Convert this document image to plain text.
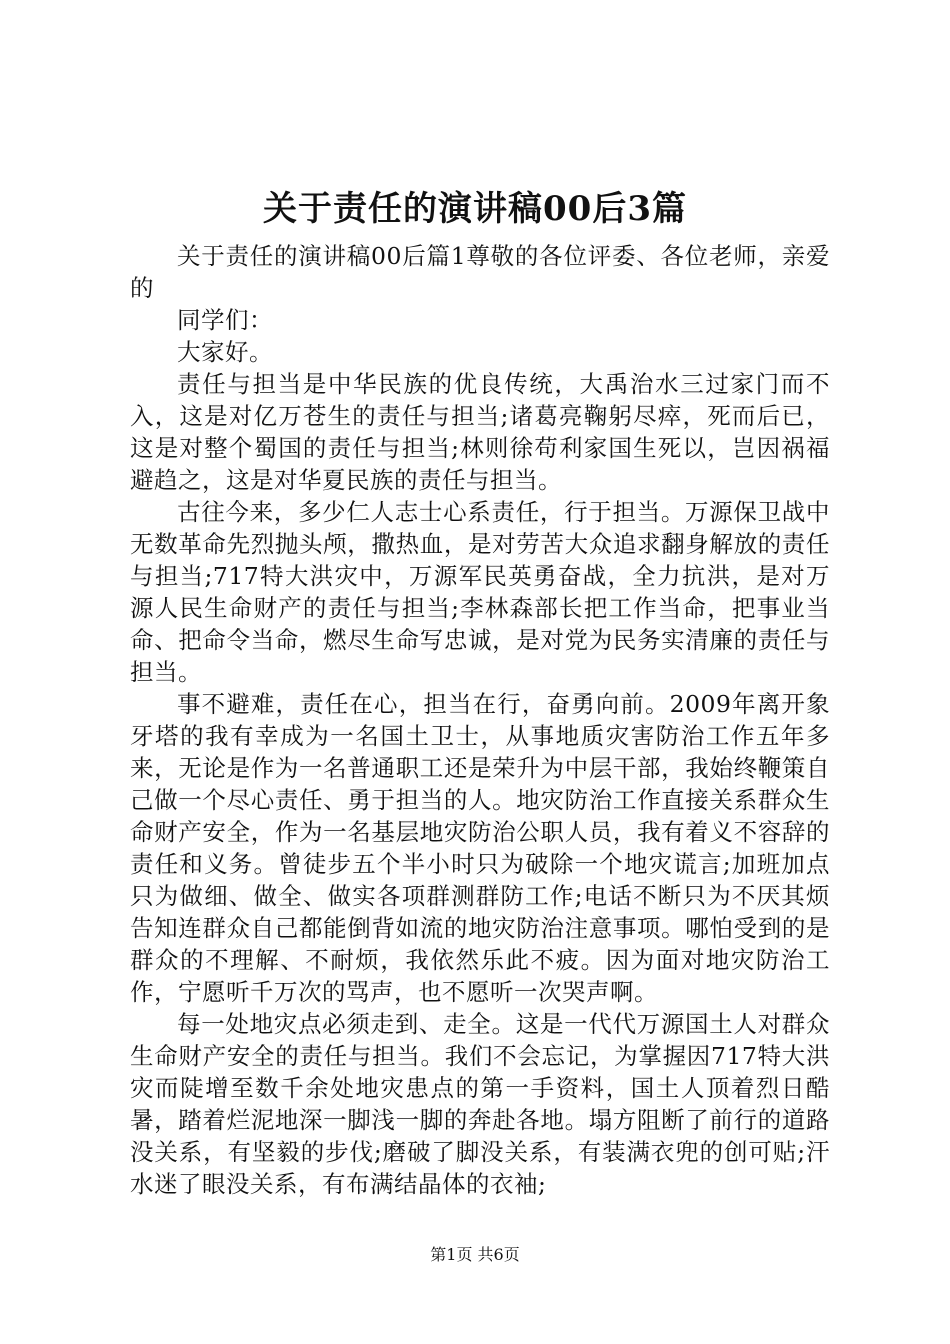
关于责任的演讲稿00后3篇

关于责任的演讲稿00后篇1尊敬的各位评委、各位老师，亲爱的

同学们：

大家好。

责任与担当是中华民族的优良传统，大禹治水三过家门而不入，这是对亿万苍生的责任与担当;诸葛亮鞠躬尽瘁，死而后已，这是对整个蜀国的责任与担当;林则徐苟利家国生死以，岂因祸福避趋之，这是对华夏民族的责任与担当。

古往今来，多少仁人志士心系责任，行于担当。万源保卫战中无数革命先烈抛头颅，撒热血，是对劳苦大众追求翻身解放的责任与担当;717特大洪灾中，万源军民英勇奋战，全力抗洪，是对万源人民生命财产的责任与担当;李林森部长把工作当命，把事业当命、把命令当命，燃尽生命写忠诚，是对党为民务实清廉的责任与担当。

事不避难，责任在心，担当在行，奋勇向前。2009年离开象牙塔的我有幸成为一名国土卫士，从事地质灾害防治工作五年多来，无论是作为一名普通职工还是荣升为中层干部，我始终鞭策自己做一个尽心责任、勇于担当的人。地灾防治工作直接关系群众生命财产安全，作为一名基层地灾防治公职人员，我有着义不容辞的责任和义务。曾徒步五个半小时只为破除一个地灾谎言;加班加点只为做细、做全、做实各项群测群防工作;电话不断只为不厌其烦告知连群众自己都能倒背如流的地灾防治注意事项。哪怕受到的是群众的不理解、不耐烦，我依然乐此不疲。因为面对地灾防治工作，宁愿听千万次的骂声，也不愿听一次哭声啊。

每一处地灾点必须走到、走全。这是一代代万源国土人对群众生命财产安全的责任与担当。我们不会忘记，为掌握因717特大洪灾而陡增至数千余处地灾患点的第一手资料，国土人顶着烈日酷暑，踏着烂泥地深一脚浅一脚的奔赴各地。塌方阻断了前行的道路没关系，有坚毅的步伐;磨破了脚没关系，有装满衣兜的创可贴;汗水迷了眼没关系，有布满结晶体的衣袖;

第1页 共6页
